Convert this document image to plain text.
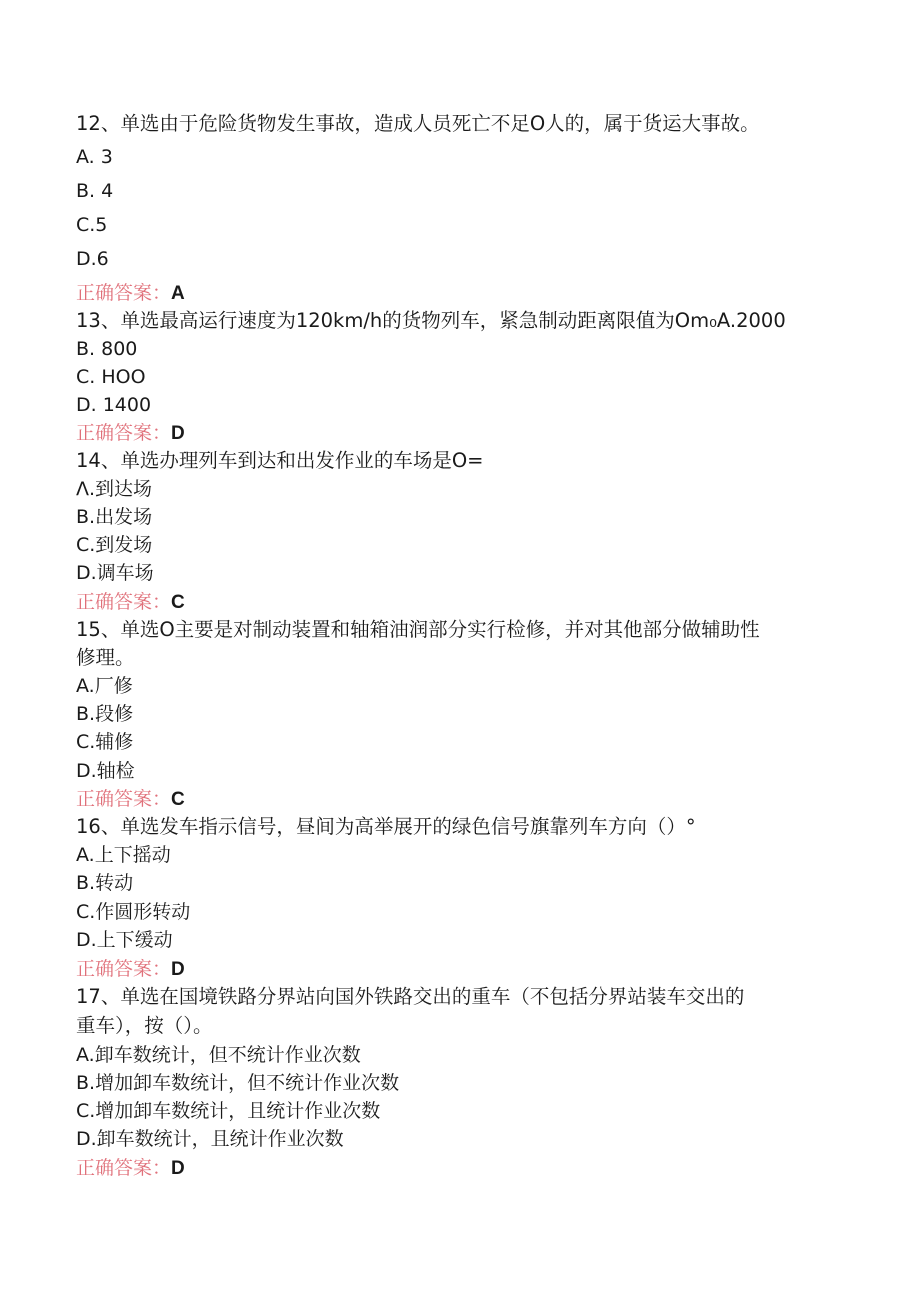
12、单选由于危险货物发生事故，造成人员死亡不足O人的，属于货运大事故。
A. 3
B. 4
C.5
D.6
正确答案：A
13、单选最高运行速度为120km/h的货物列车，紧急制动距离限值为Om₀A.2000
B. 800
C. HOO
D. 1400
正确答案：D
14、单选办理列车到达和出发作业的车场是O=
Λ.到达场
B.出发场
C.到发场
D.调车场
正确答案：C
15、单选O主要是对制动装置和轴箱油润部分实行检修，并对其他部分做辅助性
修理。
A.厂修
B.段修
C.辅修
D.轴检
正确答案：C
16、单选发车指示信号，昼间为高举展开的绿色信号旗靠列车方向（）°
A.上下摇动
B.转动
C.作圆形转动
D.上下缓动
正确答案：D
17、单选在国境铁路分界站向国外铁路交出的重车（不包括分界站装车交出的
重车），按（）。
A.卸车数统计，但不统计作业次数
B.增加卸车数统计，但不统计作业次数
C.增加卸车数统计，且统计作业次数
D.卸车数统计，且统计作业次数
正确答案：D
